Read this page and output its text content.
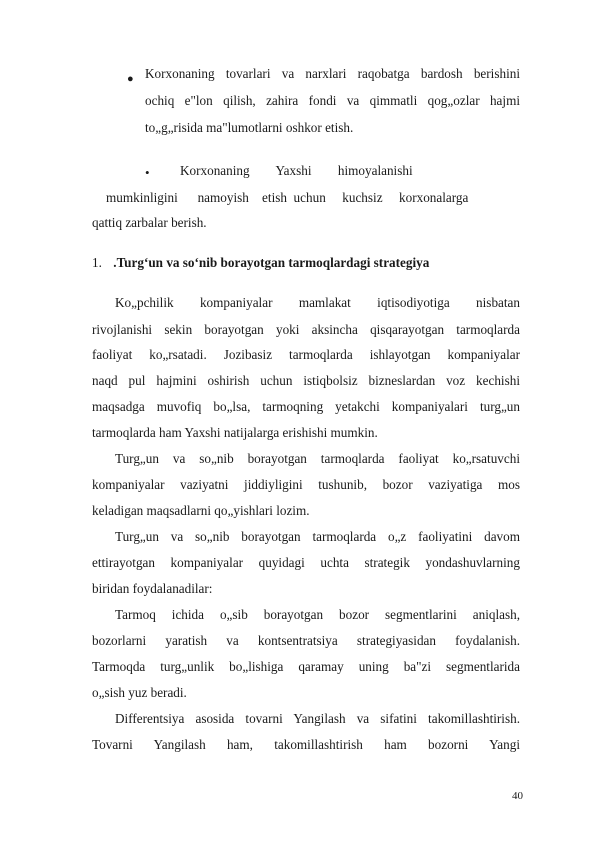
● Korxonaning tovarlari va narxlari raqobatga bardosh berishini

ochiq e"lon qilish, zahira fondi va qimmatli qog„ozlar hajmi

to„g„risida ma"lumotlarni oshkor etish.

• Korxonaning        Yaxshi        himoyalanishi

mumkinligini      namoyish    etish  uchun     kuchsiz     korxonalarga

qattiq zarbalar berish.

1. .Turg‘un va so‘nib borayotgan tarmoqlardagi strategiya

Ko„pchilik kompaniyalar mamlakat iqtisodiyotiga nisbatan

rivojlanishi sekin borayotgan yoki aksincha qisqarayotgan tarmoqlarda

faoliyat ko„rsatadi. Jozibasiz tarmoqlarda ishlayotgan kompaniyalar

naqd pul hajmini oshirish uchun istiqbolsiz bizneslardan voz kechishi

maqsadga muvofiq bo„lsa, tarmoqning yetakchi kompaniyalari turg„un

tarmoqlarda ham Yaxshi natijalarga erishishi mumkin.

Turg„un va so„nib borayotgan tarmoqlarda faoliyat ko„rsatuvchi

kompaniyalar vaziyatni jiddiyligini tushunib, bozor vaziyatiga mos

keladigan maqsadlarni qo„yishlari lozim.

Turg„un va so„nib borayotgan tarmoqlarda o„z faoliyatini davom

ettirayotgan kompaniyalar quyidagi uchta strategik yondashuvlarning

biridan foydalanadilar:

Tarmoq ichida o„sib borayotgan bozor segmentlarini aniqlash,

bozorlarni yaratish va kontsentratsiya strategiyasidan foydalanish.

Tarmoqda turg„unlik bo„lishiga qaramay uning ba"zi segmentlarida

o„sish yuz beradi.

Differentsiya asosida tovarni Yangilash va sifatini takomillashtirish.

Tovarni Yangilash ham, takomillashtirish ham bozorni Yangi

40
